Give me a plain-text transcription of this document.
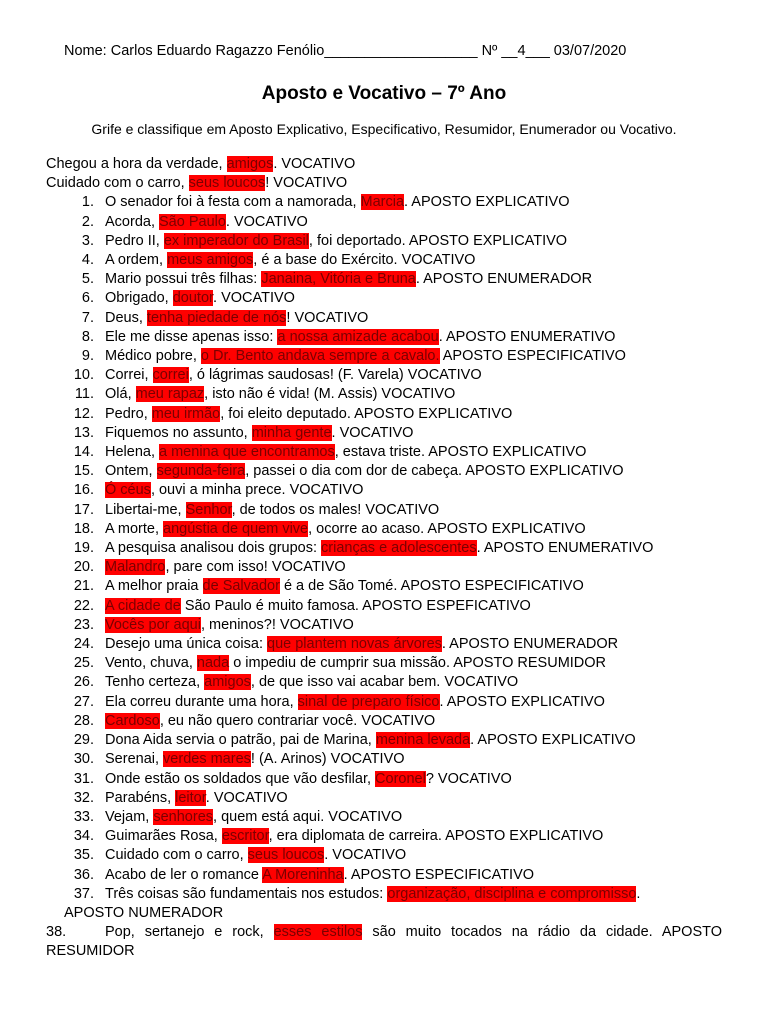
Nome: Carlos Eduardo Ragazzo Fenólio___________________ Nº __4___ 03/07/2020
Aposto e Vocativo – 7º Ano
Grife e classifique em Aposto Explicativo, Especificativo, Resumidor, Enumerador ou Vocativo.
Chegou a hora da verdade, amigos. VOCATIVO
Cuidado com o carro, seus loucos! VOCATIVO
1. O senador foi à festa com a namorada, Marcia. APOSTO EXPLICATIVO
2. Acorda, São Paulo. VOCATIVO
3. Pedro II, ex imperador do Brasil, foi deportado. APOSTO EXPLICATIVO
4. A ordem, meus amigos, é a base do Exército. VOCATIVO
5. Mario possui três filhas: Janaina, Vitória e Bruna. APOSTO ENUMERADOR
6. Obrigado, doutor. VOCATIVO
7. Deus, tenha piedade de nós! VOCATIVO
8. Ele me disse apenas isso: a nossa amizade acabou. APOSTO ENUMERATIVO
9. Médico pobre, o Dr. Bento andava sempre a cavalo. APOSTO ESPECIFICATIVO
10. Correi, correi, ó lágrimas saudosas! (F. Varela) VOCATIVO
11. Olá, meu rapaz, isto não é vida! (M. Assis) VOCATIVO
12. Pedro, meu irmão, foi eleito deputado. APOSTO EXPLICATIVO
13. Fiquemos no assunto, minha gente. VOCATIVO
14. Helena, a menina que encontramos, estava triste. APOSTO EXPLICATIVO
15. Ontem, segunda-feira, passei o dia com dor de cabeça. APOSTO EXPLICATIVO
16. Ó céus, ouvi a minha prece. VOCATIVO
17. Libertai-me, Senhor, de todos os males! VOCATIVO
18. A morte, angústia de quem vive, ocorre ao acaso. APOSTO EXPLICATIVO
19. A pesquisa analisou dois grupos: crianças e adolescentes. APOSTO ENUMERATIVO
20. Malandro, pare com isso! VOCATIVO
21. A melhor praia de Salvador é a de São Tomé. APOSTO ESPECIFICATIVO
22. A cidade de São Paulo é muito famosa. APOSTO ESPEFICATIVO
23. Vocês por aqui, meninos?! VOCATIVO
24. Desejo uma única coisa: que plantem novas árvores. APOSTO ENUMERADOR
25. Vento, chuva, nada o impediu de cumprir sua missão. APOSTO RESUMIDOR
26. Tenho certeza, amigos, de que isso vai acabar bem. VOCATIVO
27. Ela correu durante uma hora, sinal de preparo físico. APOSTO EXPLICATIVO
28. Cardoso, eu não quero contrariar você. VOCATIVO
29. Dona Aida servia o patrão, pai de Marina, menina levada. APOSTO EXPLICATIVO
30. Serenai, verdes mares! (A. Arinos) VOCATIVO
31. Onde estão os soldados que vão desfilar, Coronel? VOCATIVO
32. Parabéns, leitor. VOCATIVO
33. Vejam, senhores, quem está aqui. VOCATIVO
34. Guimarães Rosa, escritor, era diplomata de carreira. APOSTO EXPLICATIVO
35. Cuidado com o carro, seus loucos. VOCATIVO
36. Acabo de ler o romance A Moreninha. APOSTO ESPECIFICATIVO
37. Três coisas são fundamentais nos estudos: organização, disciplina e compromisso.
APOSTO NUMERADOR
38.	Pop, sertanejo e rock, esses estilos são muito tocados na rádio da cidade. APOSTO RESUMIDOR
